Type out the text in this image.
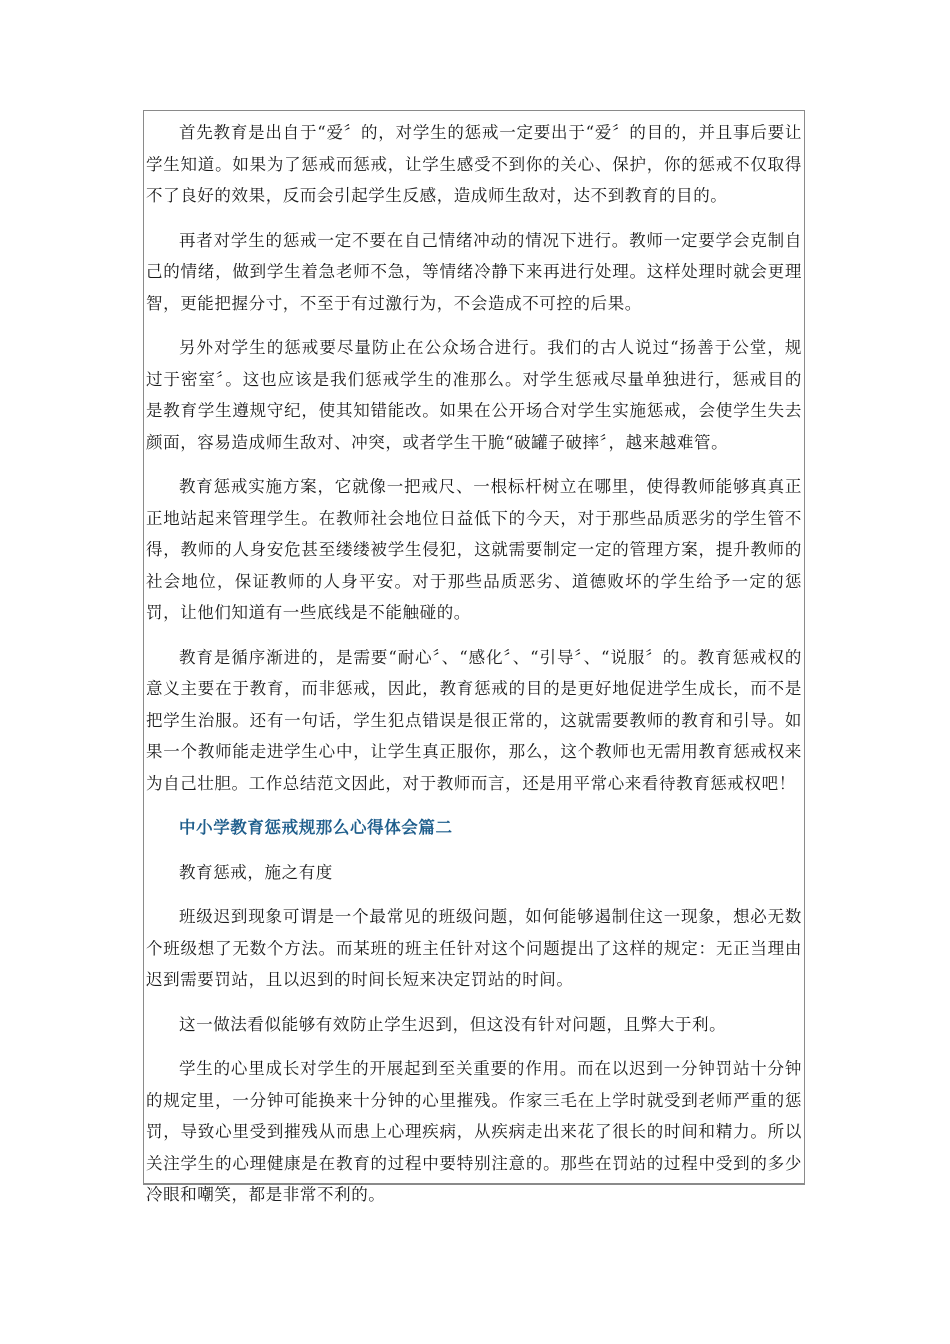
首先教育是出自于“爱〞的，对学生的惩戒一定要出于“爱〞的目的，并且事后要让学生知道。如果为了惩戒而惩戒，让学生感受不到你的关心、保护，你的惩戒不仅取得不了良好的效果，反而会引起学生反感，造成师生敌对，达不到教育的目的。

再者对学生的惩戒一定不要在自己情绪冲动的情况下进行。教师一定要学会克制自己的情绪，做到学生着急老师不急，等情绪冷静下来再进行处理。这样处理时就会更理智，更能把握分寸，不至于有过激行为，不会造成不可控的后果。

另外对学生的惩戒要尽量防止在公众场合进行。我们的古人说过“扬善于公堂，规过于密室〞。这也应该是我们惩戒学生的准那么。对学生惩戒尽量单独进行，惩戒目的是教育学生遵规守纪，使其知错能改。如果在公开场合对学生实施惩戒，会使学生失去颜面，容易造成师生敌对、冲突，或者学生干脆“破罐子破摔〞，越来越难管。

教育惩戒实施方案，它就像一把戒尺、一根标杆树立在哪里，使得教师能够真真正正地站起来管理学生。在教师社会地位日益低下的今天，对于那些品质恶劣的学生管不得，教师的人身安危甚至缕缕被学生侵犯，这就需要制定一定的管理方案，提升教师的社会地位，保证教师的人身平安。对于那些品质恶劣、道德败坏的学生给予一定的惩罚，让他们知道有一些底线是不能触碰的。

教育是循序渐进的，是需要“耐心〞、“感化〞、“引导〞、“说服〞的。教育惩戒权的意义主要在于教育，而非惩戒，因此，教育惩戒的目的是更好地促进学生成长，而不是把学生治服。还有一句话，学生犯点错误是很正常的，这就需要教师的教育和引导。如果一个教师能走进学生心中，让学生真正服你，那么，这个教师也无需用教育惩戒权来为自己壮胆。工作总结范文因此，对于教师而言，还是用平常心来看待教育惩戒权吧！

中小学教育惩戒规那么心得体会篇二

教育惩戒，施之有度

班级迟到现象可谓是一个最常见的班级问题，如何能够遏制住这一现象，想必无数个班级想了无数个方法。而某班的班主任针对这个问题提出了这样的规定：无正当理由迟到需要罚站，且以迟到的时间长短来决定罚站的时间。

这一做法看似能够有效防止学生迟到，但这没有针对问题，且弊大于利。

学生的心里成长对学生的开展起到至关重要的作用。而在以迟到一分钟罚站十分钟的规定里，一分钟可能换来十分钟的心里摧残。作家三毛在上学时就受到老师严重的惩罚，导致心里受到摧残从而患上心理疾病，从疾病走出来花了很长的时间和精力。所以关注学生的心理健康是在教育的过程中要特别注意的。那些在罚站的过程中受到的多少冷眼和嘲笑，都是非常不利的。
